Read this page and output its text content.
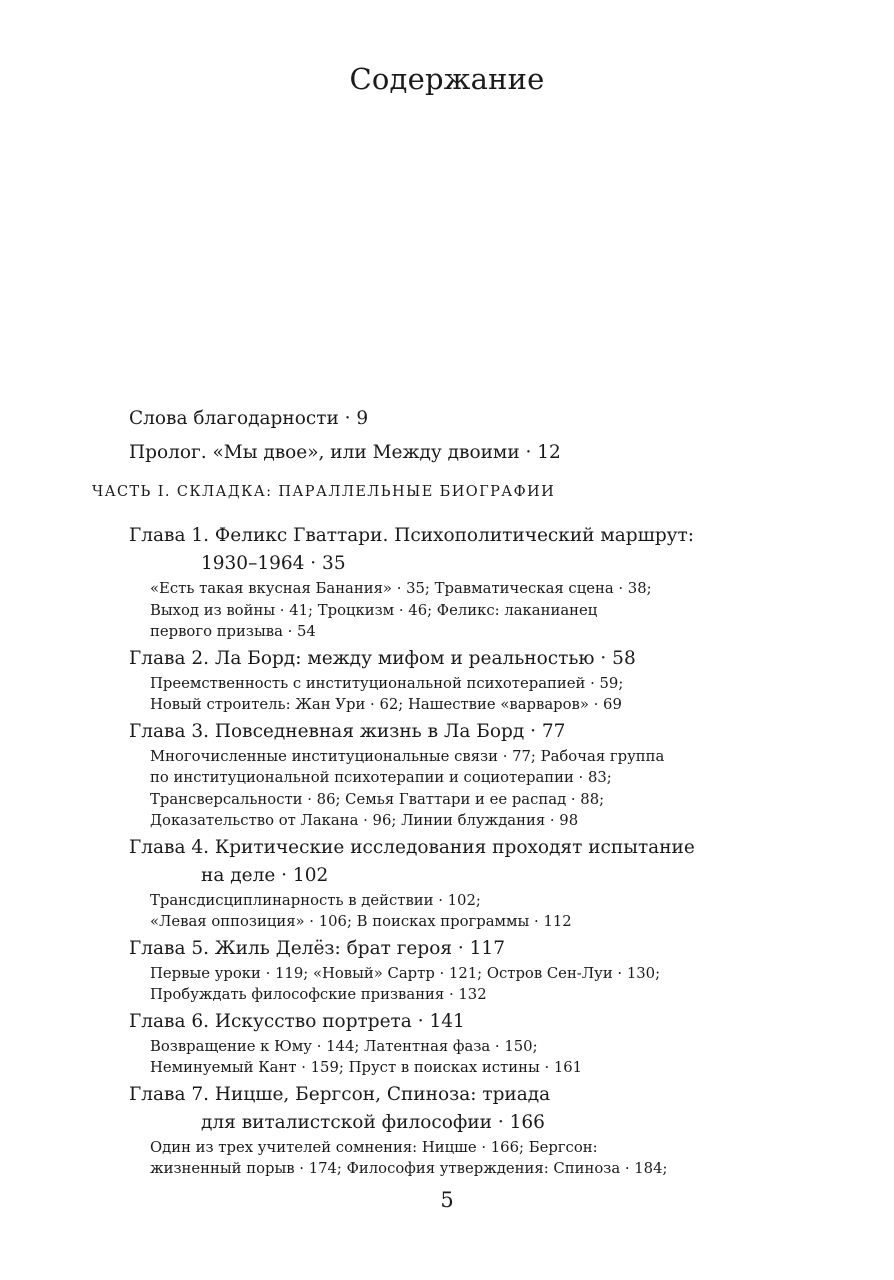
Содержание
Слова благодарности · 9
Пролог. «Мы двое», или Между двоими · 12
ЧАСТЬ I. СКЛАДКА: ПАРАЛЛЕЛЬНЫЕ БИОГРАФИИ
Глава 1. Феликс Гваттари. Психополитический маршрут:
1930–1964 · 35
«Есть такая вкусная Банания» · 35; Травматическая сцена · 38;
Выход из войны · 41; Троцкизм · 46; Феликс: лаканианец
первого призыва · 54
Глава 2. Ла Борд: между мифом и реальностью · 58
Преемственность с институциональной психотерапией · 59;
Новый строитель: Жан Ури · 62; Нашествие «варваров» · 69
Глава 3. Повседневная жизнь в Ла Борд · 77
Многочисленные институциональные связи · 77; Рабочая группа
по институциональной психотерапии и социотерапии · 83;
Трансверсальности · 86; Семья Гваттари и ее распад · 88;
Доказательство от Лакана · 96; Линии блуждания · 98
Глава 4. Критические исследования проходят испытание
на деле · 102
Трансдисциплинарность в действии · 102;
«Левая оппозиция» · 106; В поисках программы · 112
Глава 5. Жиль Делёз: брат героя · 117
Первые уроки · 119; «Новый» Сартр · 121; Остров Сен-Луи · 130;
Пробуждать философские призвания · 132
Глава 6. Искусство портрета · 141
Возвращение к Юму · 144; Латентная фаза · 150;
Неминуемый Кант · 159; Пруст в поисках истины · 161
Глава 7. Ницше, Бергсон, Спиноза: триада
для виталистской философии · 166
Один из трех учителей сомнения: Ницше · 166; Бергсон:
жизненный порыв · 174; Философия утверждения: Спиноза · 184;
5
